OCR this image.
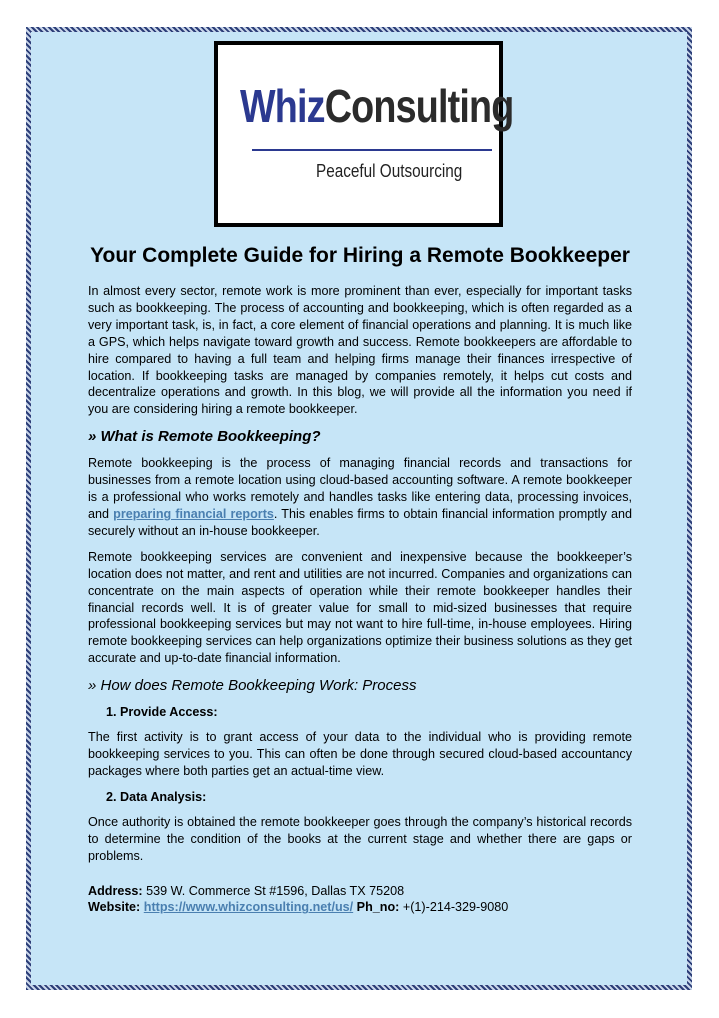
WhizConsulting
Peaceful Outsourcing
Your Complete Guide for Hiring a Remote Bookkeeper

In almost every sector, remote work is more prominent than ever, especially for important tasks such as bookkeeping. The process of accounting and bookkeeping, which is often regarded as a very important task, is, in fact, a core element of financial operations and planning. It is much like a GPS, which helps navigate toward growth and success. Remote bookkeepers are affordable to hire compared to having a full team and helping firms manage their finances irrespective of location. If bookkeeping tasks are managed by companies remotely, it helps cut costs and decentralize operations and growth. In this blog, we will provide all the information you need if you are considering hiring a remote bookkeeper.

» What is Remote Bookkeeping?

Remote bookkeeping is the process of managing financial records and transactions for businesses from a remote location using cloud-based accounting software. A remote bookkeeper is a professional who works remotely and handles tasks like entering data, processing invoices, and preparing financial reports. This enables firms to obtain financial information promptly and securely without an in-house bookkeeper.

Remote bookkeeping services are convenient and inexpensive because the bookkeeper’s location does not matter, and rent and utilities are not incurred. Companies and organizations can concentrate on the main aspects of operation while their remote bookkeeper handles their financial records well. It is of greater value for small to mid-sized businesses that require professional bookkeeping services but may not want to hire full-time, in-house employees. Hiring remote bookkeeping services can help organizations optimize their business solutions as they get accurate and up-to-date financial information.

» How does Remote Bookkeeping Work: Process
1. Provide Access:

The first activity is to grant access of your data to the individual who is providing remote bookkeeping services to you. This can often be done through secured cloud-based accountancy packages where both parties get an actual-time view.

2. Data Analysis:

Once authority is obtained the remote bookkeeper goes through the company’s historical records to determine the condition of the books at the current stage and whether there are gaps or problems.

Address: 539 W. Commerce St #1596, Dallas TX 75208
Website: https://www.whizconsulting.net/us/ Ph_no: +(1)-214-329-9080
